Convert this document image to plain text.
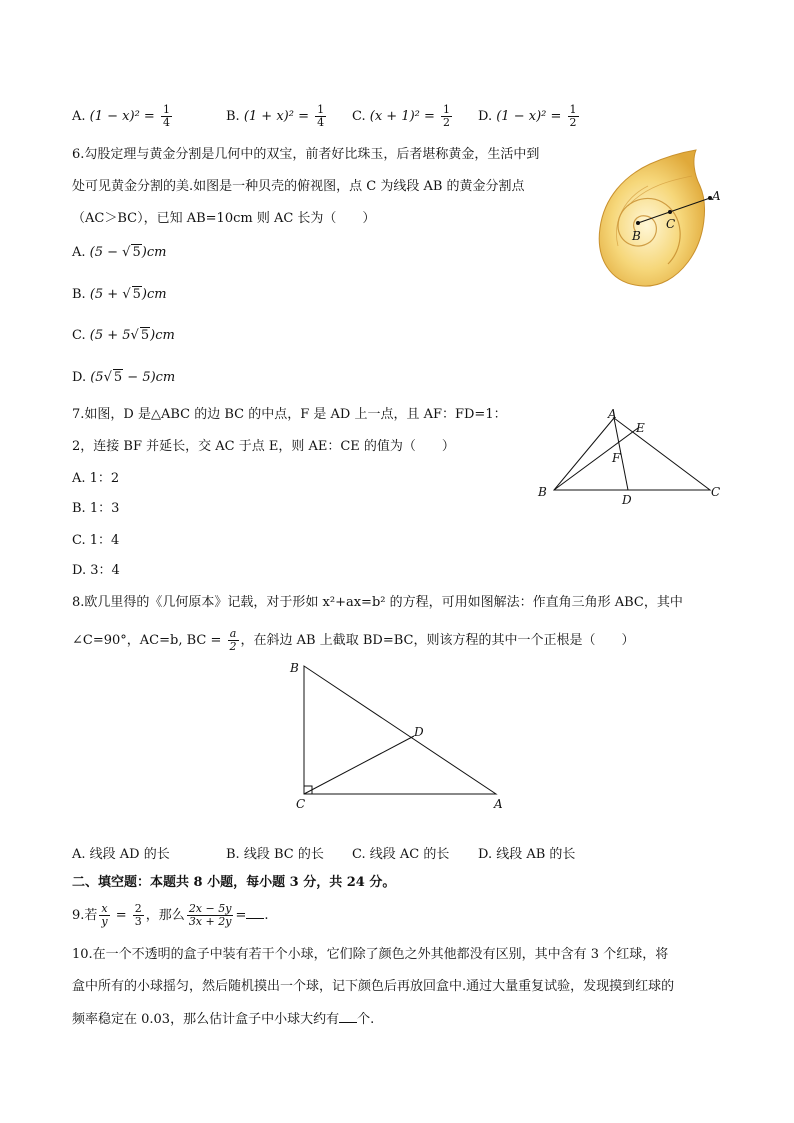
A. $(1 - x)^2 = \frac{1}{4}$	B. $(1 + x)^2 = \frac{1}{4} C$. $(x + 1)^2 = \frac{1}{2} D$. $(1 - x)^2 = \frac{1}{2}$
6.勾股定理与黄金分割是几何中的双宝，前者好比珠玉，后者堪称黄金，生活中到
处可见黄金分割的美.如图是一种贝壳的俯视图，点 C 为线段 AB 的黄金分割点
（AC＞BC），已知 AB=10cm 则 AC 长为（　　）
A. (5 − √ 5)cm
B. (5 + √ 5)cm
C. (5 + 5√ 5)cm
D. (5√ 5 − 5)cm
B
C
A
7.如图，D 是△ABC 的边 BC 的中点，F 是 AD 上一点，且 AF：FD=1：
2，连接 BF 并延长，交 AC 于点 E，则 AE：CE 的值为（　　）
A. 1：2
B. 1：3
C. 1：4
D. 3：4
A
E
F
B
D
C
8.欧几里得的《几何原本》记载，对于形如 x²+ax=b² 的方程，可用如图解法：作直角三角形 ABC，其中
∠C=90°，AC=b, BC = $\frac{a}{2}$ ，在斜边 AB 上截取 BD=BC，则该方程的其中一个正根是（　　）
B
D
C	A
A. 线段 AD 的长	B. 线段 BC 的长 C. 线段 AC 的长 D. 线段 AB 的长
二、填空题：本题共 8 小题，每小题 3 分，共 24 分。
9.若 $\frac{x}{y} = \frac{2}{3}$ ，那么 $\frac{2x - 5y}{3x + 2y}$ = .
10.在一个不透明的盒子中装有若干个小球，它们除了颜色之外其他都没有区别，其中含有 3 个红球，将
盒中所有的小球摇匀，然后随机摸出一个球，记下颜色后再放回盒中.通过大量重复试验，发现摸到红球的
频率稳定在 0.03，那么估计盒子中小球大约有 个.
